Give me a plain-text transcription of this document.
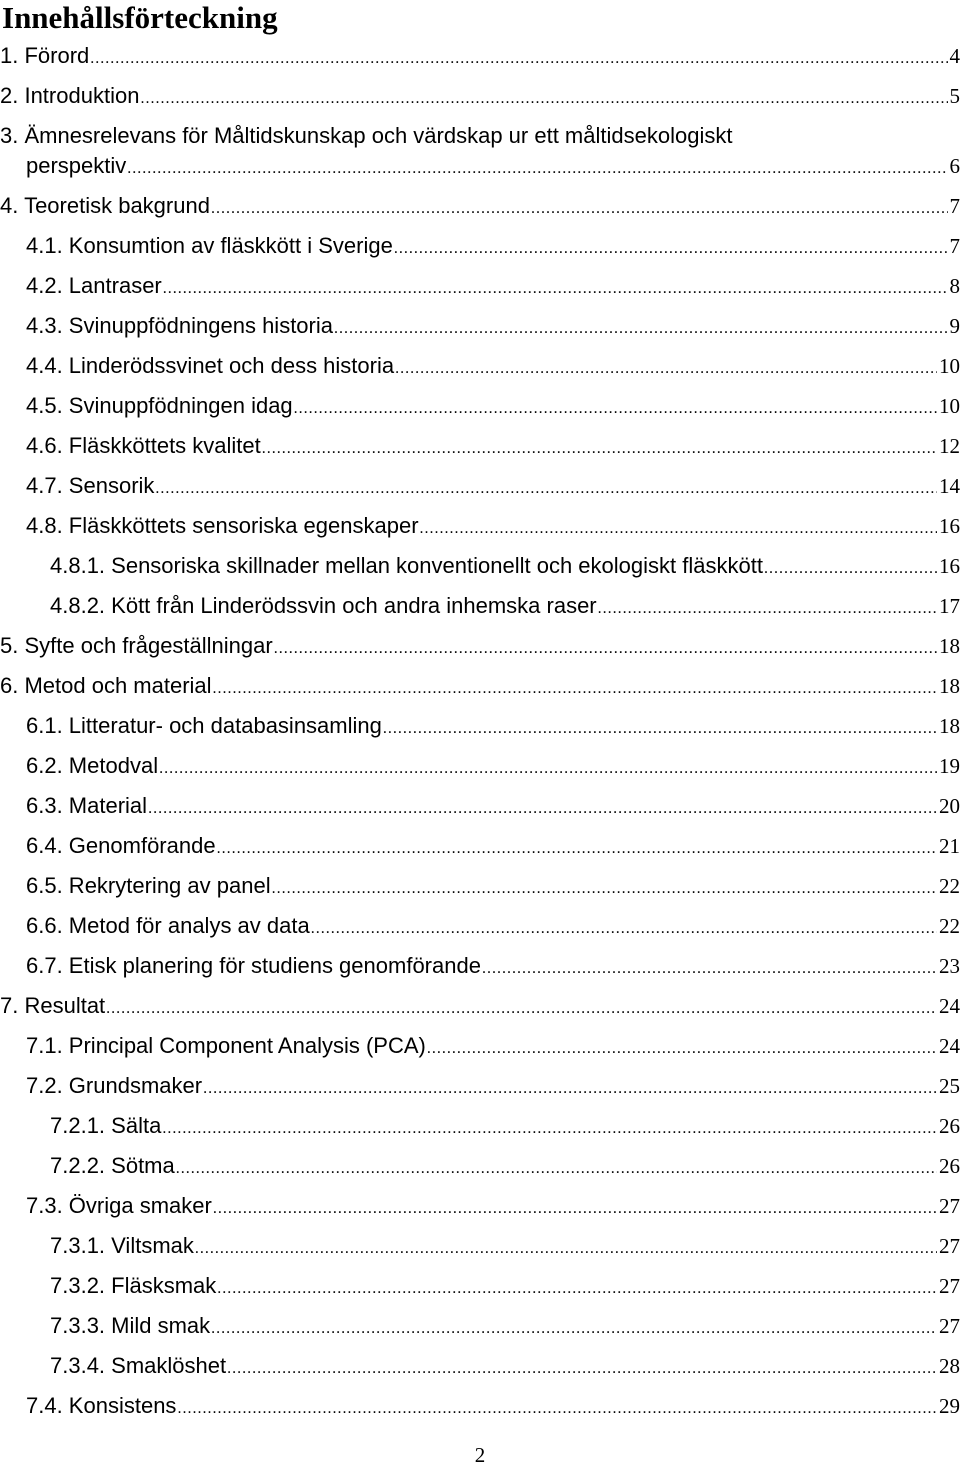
Innehållsförteckning
1. Förord .....	4
2. Introduktion .....	5
3. Ämnesrelevans för Måltidskunskap och värdskap ur ett måltidsekologiskt
perspektiv .....	6
4. Teoretisk bakgrund .....	7
4.1. Konsumtion av fläskkött i Sverige .....	7
4.2. Lantraser .....	8
4.3. Svinuppfödningens historia .....	9
4.4. Linderödssvinet och dess historia .....	10
4.5. Svinuppfödningen idag .....	10
4.6. Fläskköttets kvalitet .....	12
4.7. Sensorik .....	14
4.8. Fläskköttets sensoriska egenskaper .....	16
4.8.1. Sensoriska skillnader mellan konventionellt och ekologiskt fläskkött .....	16
4.8.2. Kött från Linderödssvin och andra inhemska raser .....	17
5. Syfte och frågeställningar .....	18
6. Metod och material .....	18
6.1. Litteratur- och databasinsamling .....	18
6.2. Metodval .....	19
6.3. Material .....	20
6.4. Genomförande .....	21
6.5. Rekrytering av panel .....	22
6.6. Metod för analys av data .....	22
6.7. Etisk planering för studiens genomförande .....	23
7. Resultat .....	24
7.1. Principal Component Analysis (PCA) .....	24
7.2. Grundsmaker .....	25
7.2.1. Sälta .....	26
7.2.2. Sötma .....	26
7.3. Övriga smaker .....	27
7.3.1. Viltsmak .....	27
7.3.2. Fläsksmak .....	27
7.3.3. Mild smak .....	27
7.3.4. Smaklöshet .....	28
7.4. Konsistens .....	29
2
